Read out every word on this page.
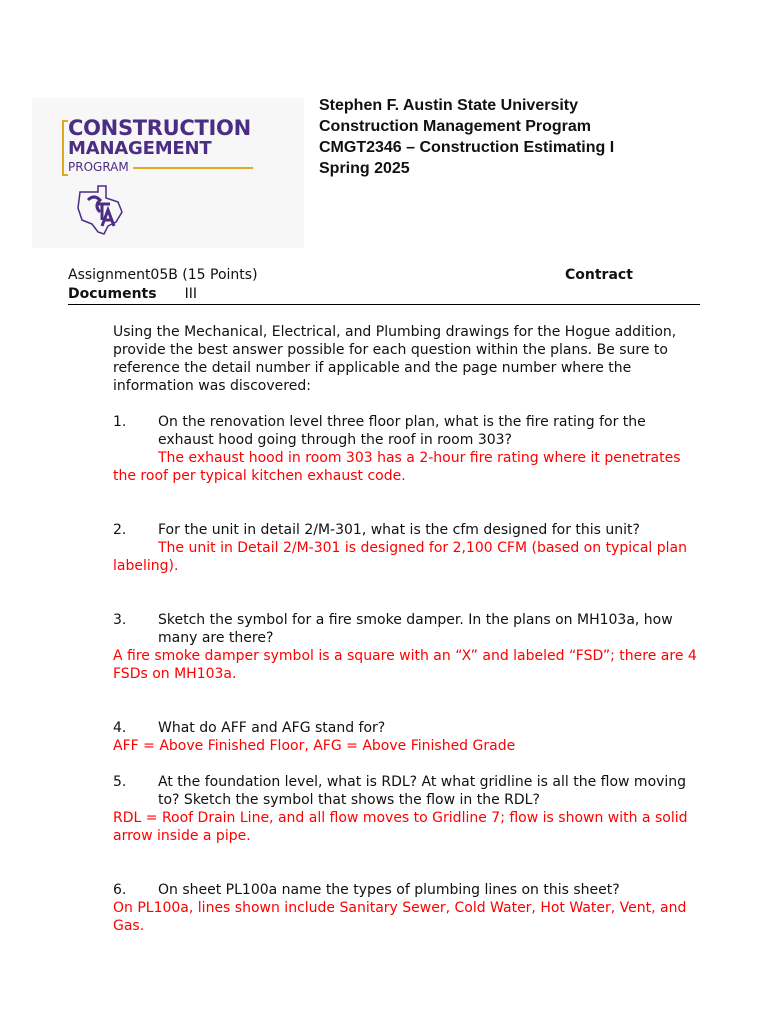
CONSTRUCTION
MANAGEMENT
PROGRAM
Stephen F. Austin State University
Construction Management Program
CMGT2346 – Construction Estimating I
Spring 2025
Assignment05B (15 Points)	Contract
Documents III

Using the Mechanical, Electrical, and Plumbing drawings for the Hogue addition, provide the best answer possible for each question within the plans. Be sure to reference the detail number if applicable and the page number where the information was discovered:

1. On the renovation level three floor plan, what is the fire rating for the exhaust hood going through the roof in room 303?
The exhaust hood in room 303 has a 2-hour fire rating where it penetrates the roof per typical kitchen exhaust code.
2. For the unit in detail 2/M-301, what is the cfm designed for this unit?
The unit in Detail 2/M-301 is designed for 2,100 CFM (based on typical plan labeling).
3. Sketch the symbol for a fire smoke damper. In the plans on MH103a, how many are there?
A fire smoke damper symbol is a square with an “X” and labeled “FSD”; there are 4 FSDs on MH103a.
4. What do AFF and AFG stand for?
AFF = Above Finished Floor, AFG = Above Finished Grade
5. At the foundation level, what is RDL? At what gridline is all the flow moving to? Sketch the symbol that shows the flow in the RDL?
RDL = Roof Drain Line, and all flow moves to Gridline 7; flow is shown with a solid arrow inside a pipe.
6. On sheet PL100a name the types of plumbing lines on this sheet?
On PL100a, lines shown include Sanitary Sewer, Cold Water, Hot Water, Vent, and Gas.
